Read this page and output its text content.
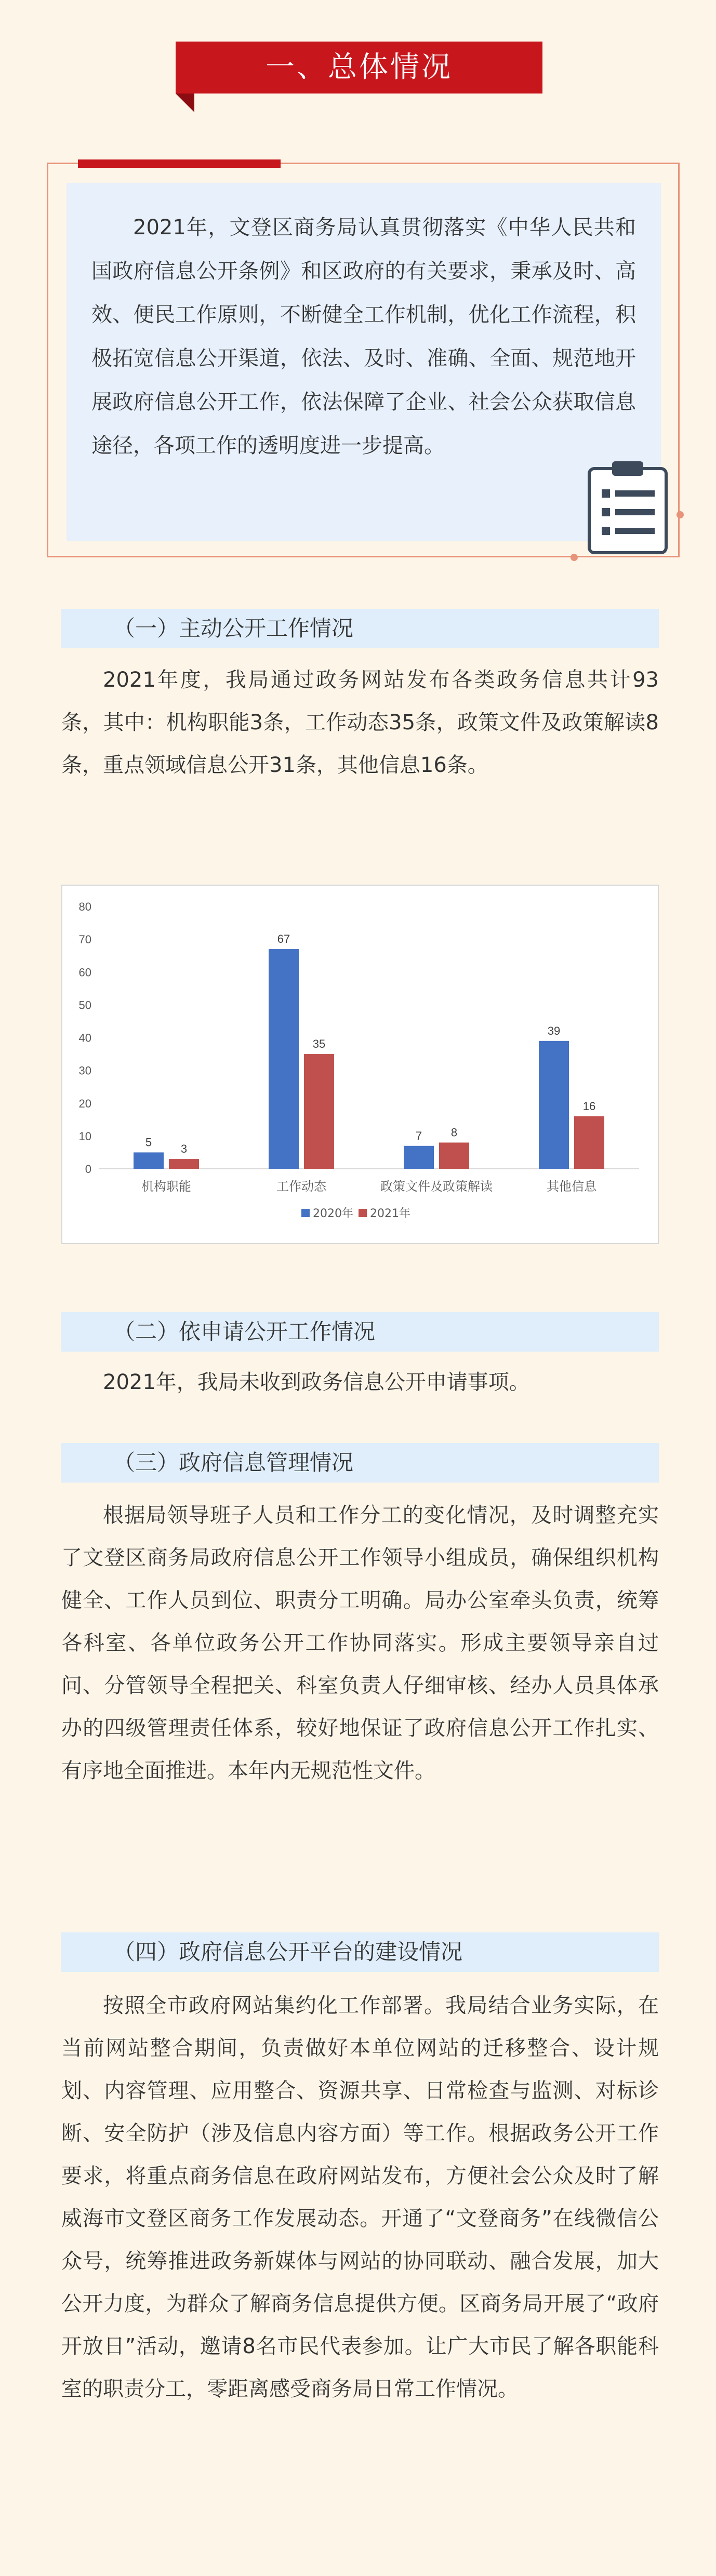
一、总体情况

2021年，文登区商务局认真贯彻落实《中华人民共和国政府信息公开条例》和区政府的有关要求，秉承及时、高效、便民工作原则，不断健全工作机制，优化工作流程，积极拓宽信息公开渠道，依法、及时、准确、全面、规范地开展政府信息公开工作，依法保障了企业、社会公众获取信息途径，各项工作的透明度进一步提高。

（一）主动公开工作情况

2021年度，我局通过政务网站发布各类政务信息共计93条，其中：机构职能3条，工作动态35条，政策文件及政策解读8条，重点领域信息公开31条，其他信息16条。

0
10
20
30
40
50
60
70
80
5
3
机构职能
67
35
工作动态
7	8
政策文件及政策解读
39
16
其他信息
2020年 2021年
（二）依申请公开工作情况

2021年，我局未收到政务信息公开申请事项。

（三）政府信息管理情况

根据局领导班子人员和工作分工的变化情况，及时调整充实了文登区商务局政府信息公开工作领导小组成员，确保组织机构健全、工作人员到位、职责分工明确。局办公室牵头负责，统筹各科室、各单位政务公开工作协同落实。形成主要领导亲自过问、分管领导全程把关、科室负责人仔细审核、经办人员具体承办的四级管理责任体系，较好地保证了政府信息公开工作扎实、有序地全面推进。本年内无规范性文件。

（四）政府信息公开平台的建设情况

按照全市政府网站集约化工作部署。我局结合业务实际，在当前网站整合期间，负责做好本单位网站的迁移整合、设计规划、内容管理、应用整合、资源共享、日常检查与监测、对标诊断、安全防护（涉及信息内容方面）等工作。根据政务公开工作要求，将重点商务信息在政府网站发布，方便社会公众及时了解威海市文登区商务工作发展动态。开通了“文登商务”在线微信公众号，统筹推进政务新媒体与网站的协同联动、融合发展，加大公开力度，为群众了解商务信息提供方便。区商务局开展了“政府开放日”活动，邀请8名市民代表参加。让广大市民了解各职能科室的职责分工，零距离感受商务局日常工作情况。
